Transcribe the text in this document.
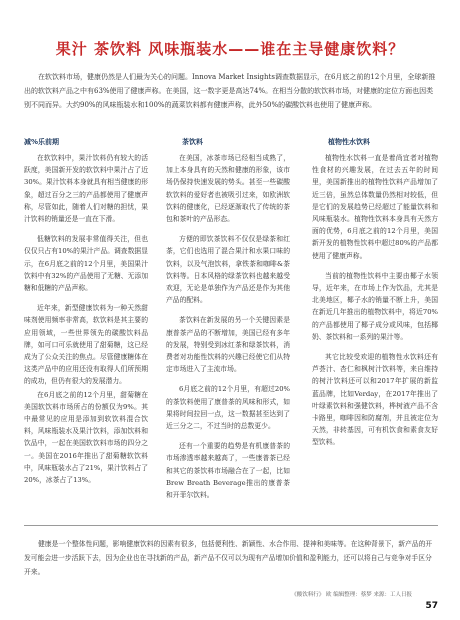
果汁 茶饮料 风味瓶装水——谁在主导健康饮料？

在软饮料市场，健康仍然是人们最为关心的问题。Innova Market Insights调查数据显示，在6月底之前的12个月里，全球新推出的软饮料产品之中有63%使用了健康声称。在美国，这一数字更是高达74%。在相当分散的软饮料市场，对健康的定位方面也因类别不同而异。大约90%的风味瓶装水和100%的蔬菜饮料都有健康声称，此外50%的碳酸饮料也使用了健康声称。

减%乐前期

在软饮料中，果汁饮料仍有较大的活跃度，美国新开发的软饮料中果汁占了近30%。果汁饮料本身就具有相当健康的形象，超过百分之三的产品都使用了健康声称，尽管如此，随着人们对糖的担忧，果汁饮料的销量还是一直在下滑。

低糖饮料的发展非常值得关注，但也仅仅只占有10%的果汁产品。调查数据显示，在6月底之前的12个月里，美国果汁饮料中有32%的产品使用了无糖、无添加糖和低糖的产品声称。

近年来，新型健康饮料为一种天然甜味剂使用频率非常高，软饮料是其主要的应用领域，一些世界领先的碳酸饮料品牌，如可口可乐就使用了甜菊糖，这已经成为了公众关注的焦点。尽管健康糖体在这类产品中的应用还没有取得人们所预期的成功，但仍有很大的发展潜力。

在6月底之前的12个月里，甜菊糖在美国软饮料市场所占的份额仅为9%。其中最常见的应用是添加到软饮料混合饮料，风味瓶装水及果汁饮料，添加饮料和饮品中，一起在美国软饮料市场的四分之一。美国在2016年推出了甜菊糖软饮料中，风味瓶装水占了21%，果汁饮料占了20%，冰茶占了13%。

茶饮料

在美国，冰茶市场已经相当成熟了，加上本身具有的天然和健康的形象，该市场仍保持快速发展的势头。甚至一些碳酸软饮料的爱好者也被吸引过来，如欧洲软饮料的健康化，已经逐渐取代了传统的茶包和茶叶的产品形态。

方便的即饮茶饮料不仅仅是绿茶和红茶，它们也选用了混合果汁和水果口味的饮料，以及气泡饮料，拿铁茶和咖啡&茶饮料等。日本风格的绿茶饮料也越来越受欢迎，无论是单独作为产品还是作为其他产品的配料。

茶饮料在新发展的另一个关键因素是康普茶产品的不断增加，美国已经有多年的发展，特别受到冰红茶和绿茶饮料，消费者对功能性饮料的兴趣已经使它们从特定市场进入了主流市场。

6月底之前的12个月里，有超过20%的茶饮料使用了康普茶的风味和形式，如果将时间拉回一点，这一数据甚至达到了近三分之二，不过当时的总数更少。

还有一个重要的趋势是有机康普茶的市场渗透率越来越高了，一些康普茶已经和其它的茶饮料市场融合在了一起，比如Brew Breath Beverage推出的康普茶和开菲尔饮料。

植物性水饮料

植物性水饮料一直是着尚宜者对植物性食材的兴趣发展，在过去五年的时间里，美国新推出的植物性饮料产品增加了近三倍，虽然总体数量仍然相对较低，但是它们的发展趋势已经超过了能量饮料和风味瓶装水。植物性饮料本身具有天然方面的优势，6月底之前的12个月里，美国新开发的植物性饮料中超过80%的产品都使用了健康声称。

当前的植物性饮料中主要由椰子水领导，近年来，在市场上作为饮品，尤其是北美地区，椰子水的销量不断上升，美国在新近几年推出的植物饮料中，将近70%的产品都使用了椰子成分或风味，包括椰奶、茶饮料和一系列的果汁等。

其它比较受欢迎的植物性水饮料还有芦荟汁、杏仁和枫树汁饮料等，来自维持的树汁饮料还可以和2017年扩展的新监蓝品牌，比如Verday，在2017年推出了叶绿素饮料和强健饮料，桦树液产品不含卡路里，咖啡因和防腐剂，并且被定位为天然，非转基因，可有机饮食和素食友好型饮料。

健康是一个整体性问题，影响健康饮料的因素有很多，包括便利性、新颖性、水合作用、提神和美味等。在这种背景下，新产品的开发可能会进一步活跃下去，因为企业也在寻找新的产品，新产品不仅可以为现有产品增加价值和盈利能力，还可以将自己与竞争对手区分开来。

《酸饮料行》 欧 编辑整理：蔡梦 来源：工人日报
57
